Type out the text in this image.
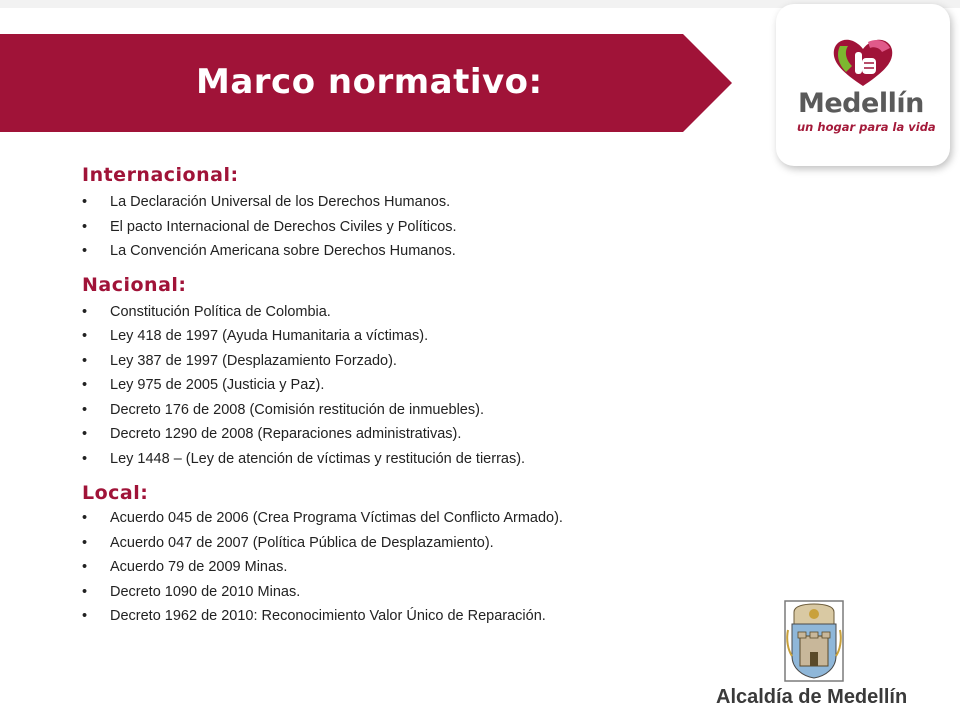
Marco normativo:
Medellín
un hogar para la vida
Internacional:
• La Declaración Universal de los Derechos Humanos.
• El pacto Internacional de Derechos Civiles y Políticos.
• La Convención Americana sobre Derechos Humanos.
Nacional:
• Constitución Política de Colombia.
• Ley 418 de 1997 (Ayuda Humanitaria a víctimas).
• Ley 387 de 1997 (Desplazamiento Forzado).
• Ley 975 de 2005 (Justicia y Paz).
• Decreto 176 de 2008 (Comisión restitución de inmuebles).
• Decreto 1290 de 2008 (Reparaciones administrativas).
• Ley 1448 – (Ley de atención de víctimas y restitución de tierras).
Local:
• Acuerdo 045 de 2006 (Crea Programa Víctimas del Conflicto Armado).
• Acuerdo 047 de 2007 (Política Pública de Desplazamiento).
• Acuerdo 79 de 2009 Minas.
• Decreto 1090 de 2010 Minas.
• Decreto 1962 de 2010: Reconocimiento Valor Único de Reparación.
Alcaldía de Medellín
